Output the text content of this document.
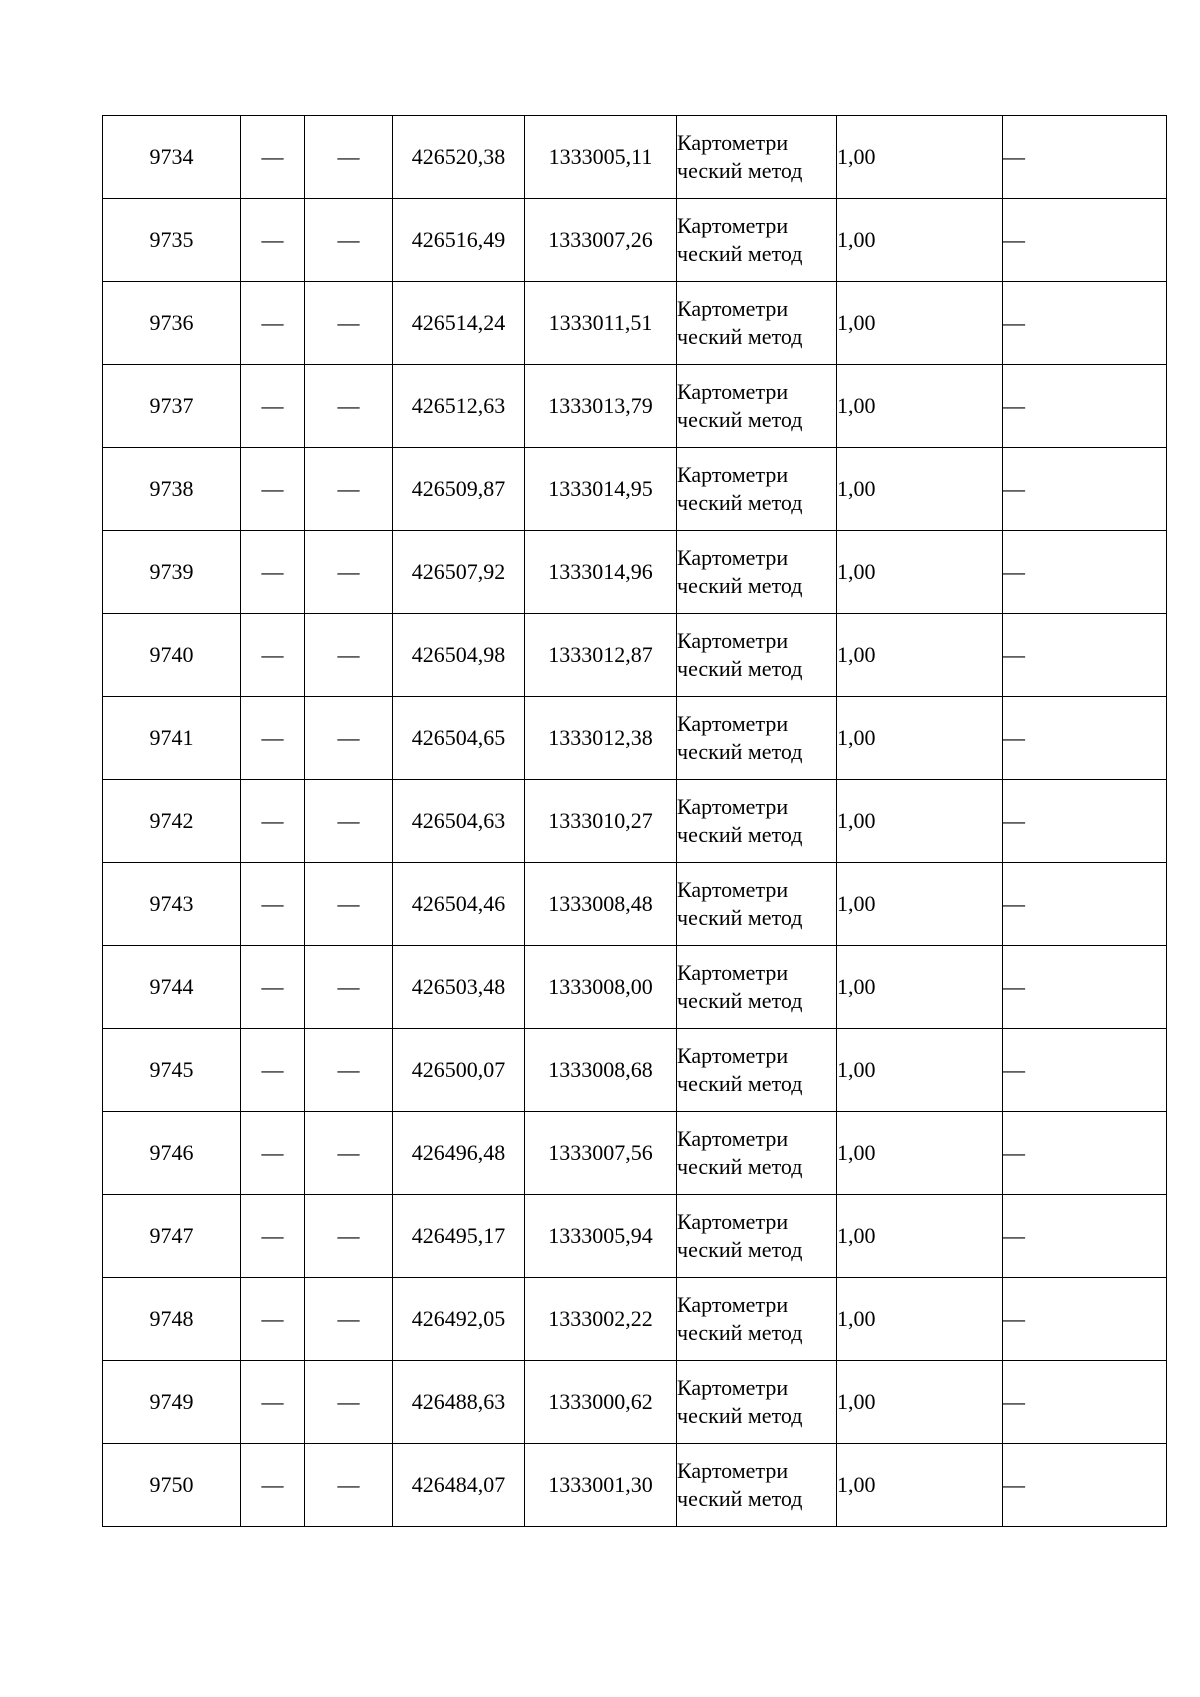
9734	—	—	426520,38	1333005,11	Картометри ческий метод	1,00	—
9735	—	—	426516,49	1333007,26	Картометри ческий метод	1,00	—
9736	—	—	426514,24	1333011,51	Картометри ческий метод	1,00	—
9737	—	—	426512,63	1333013,79	Картометри ческий метод	1,00	—
9738	—	—	426509,87	1333014,95	Картометри ческий метод	1,00	—
9739	—	—	426507,92	1333014,96	Картометри ческий метод	1,00	—
9740	—	—	426504,98	1333012,87	Картометри ческий метод	1,00	—
9741	—	—	426504,65	1333012,38	Картометри ческий метод	1,00	—
9742	—	—	426504,63	1333010,27	Картометри ческий метод	1,00	—
9743	—	—	426504,46	1333008,48	Картометри ческий метод	1,00	—
9744	—	—	426503,48	1333008,00	Картометри ческий метод	1,00	—
9745	—	—	426500,07	1333008,68	Картометри ческий метод	1,00	—
9746	—	—	426496,48	1333007,56	Картометри ческий метод	1,00	—
9747	—	—	426495,17	1333005,94	Картометри ческий метод	1,00	—
9748	—	—	426492,05	1333002,22	Картометри ческий метод	1,00	—
9749	—	—	426488,63	1333000,62	Картометри ческий метод	1,00	—
9750	—	—	426484,07	1333001,30	Картометри ческий метод	1,00	—
